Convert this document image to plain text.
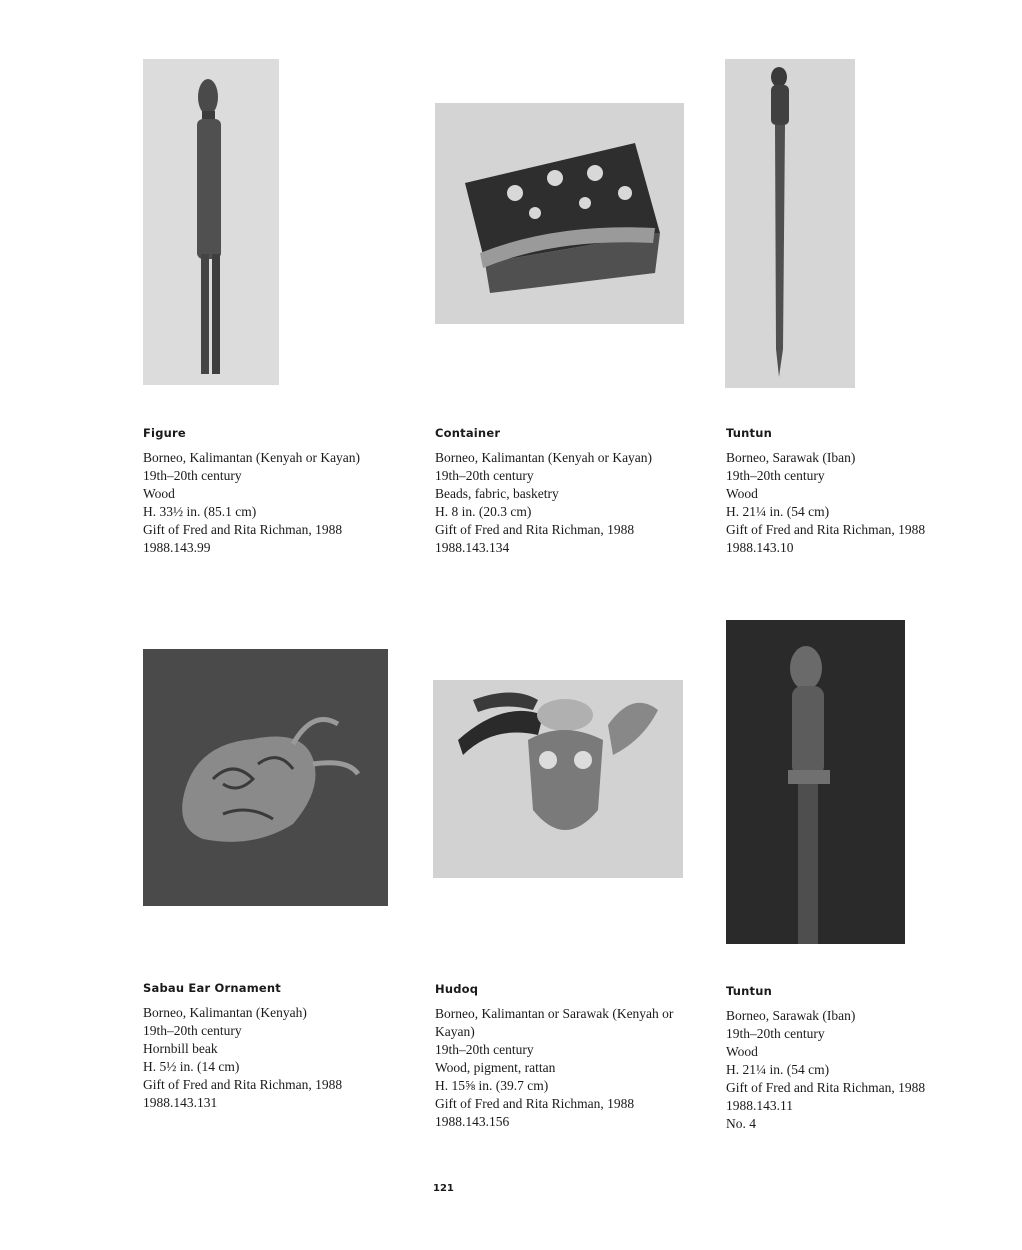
Figure

Borneo, Kalimantan (Kenyah or Kayan)

19th–20th century

Wood

H. 33½ in. (85.1 cm)

Gift of Fred and Rita Richman, 1988

1988.143.99

Container

Borneo, Kalimantan (Kenyah or Kayan)

19th–20th century

Beads, fabric, basketry

H. 8 in. (20.3 cm)

Gift of Fred and Rita Richman, 1988

1988.143.134

Tuntun

Borneo, Sarawak (Iban)

19th–20th century

Wood

H. 21¼ in. (54 cm)

Gift of Fred and Rita Richman, 1988

1988.143.10

Sabau Ear Ornament

Borneo, Kalimantan (Kenyah)

19th–20th century

Hornbill beak

H. 5½ in. (14 cm)

Gift of Fred and Rita Richman, 1988

1988.143.131

Hudoq

Borneo, Kalimantan or Sarawak (Kenyah or

Kayan)

19th–20th century

Wood, pigment, rattan

H. 15⅝ in. (39.7 cm)

Gift of Fred and Rita Richman, 1988

1988.143.156

Tuntun

Borneo, Sarawak (Iban)

19th–20th century

Wood

H. 21¼ in. (54 cm)

Gift of Fred and Rita Richman, 1988

1988.143.11

No. 4

121
